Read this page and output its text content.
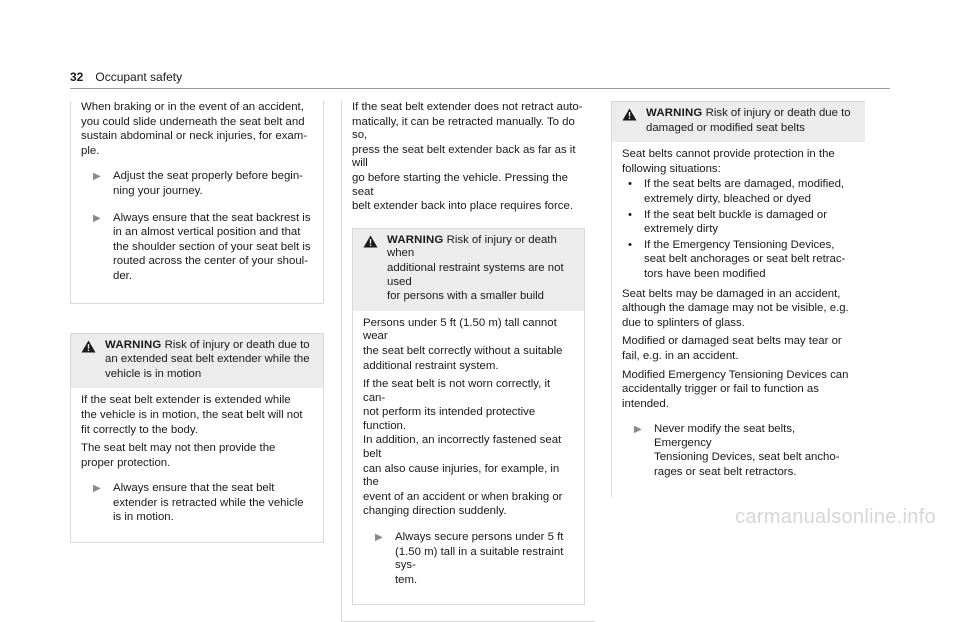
32 Occupant safety

When braking or in the event of an accident,

you could slide underneath the seat belt and

sustain abdominal or neck injuries, for exam-

ple.

▶	Adjust the seat properly before begin-

ning your journey.

▶	Always ensure that the seat backrest is

in an almost vertical position and that

the shoulder section of your seat belt is

routed across the center of your shoul-

der.

WARNING Risk of injury or death due to

an extended seat belt extender while the

vehicle is in motion

If the seat belt extender is extended while

the vehicle is in motion, the seat belt will not

fit correctly to the body.

The seat belt may not then provide the

proper protection.

▶	Always ensure that the seat belt

extender is retracted while the vehicle

is in motion.

If the seat belt extender does not retract auto-

matically, it can be retracted manually. To do so,

press the seat belt extender back as far as it will

go before starting the vehicle. Pressing the seat

belt extender back into place requires force.

WARNING Risk of injury or death when

additional restraint systems are not used

for persons with a smaller build

Persons under 5 ft (1.50 m) tall cannot wear

the seat belt correctly without a suitable

additional restraint system.

If the seat belt is not worn correctly, it can-

not perform its intended protective function.

In addition, an incorrectly fastened seat belt

can also cause injuries, for example, in the

event of an accident or when braking or

changing direction suddenly.

▶	Always secure persons under 5 ft

(1.50 m) tall in a suitable restraint sys-

tem.

WARNING Risk of injury or death due to

damaged or modified seat belts

Seat belts cannot provide protection in the

following situations:

•	If the seat belts are damaged, modified,

extremely dirty, bleached or dyed

•	If the seat belt buckle is damaged or

extremely dirty

•	If the Emergency Tensioning Devices,

seat belt anchorages or seat belt retrac-

tors have been modified

Seat belts may be damaged in an accident,

although the damage may not be visible, e.g.

due to splinters of glass.

Modified or damaged seat belts may tear or

fail, e.g. in an accident.

Modified Emergency Tensioning Devices can

accidentally trigger or fail to function as

intended.

▶	Never modify the seat belts, Emergency

Tensioning Devices, seat belt ancho-

rages or seat belt retractors.

carmanualsonline.info
